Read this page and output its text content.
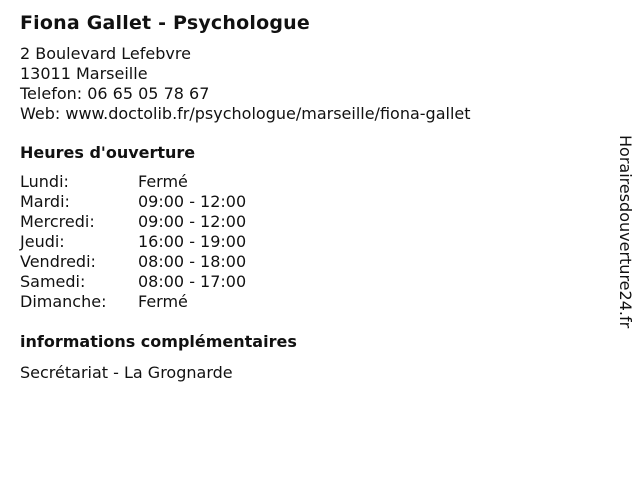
Fiona Gallet - Psychologue

2 Boulevard Lefebvre

13011 Marseille

Telefon: 06 65 05 78 67

Web: www.doctolib.fr/psychologue/marseille/fiona-gallet

Heures d'ouverture
Lundi:	Fermé
Mardi:	09:00 - 12:00
Mercredi:	09:00 - 12:00
Jeudi:	16:00 - 19:00
Vendredi:	08:00 - 18:00
Samedi:	08:00 - 17:00
Dimanche:	Fermé
informations complémentaires

Secrétariat - La Grognarde

Horairesdouverture24.fr
